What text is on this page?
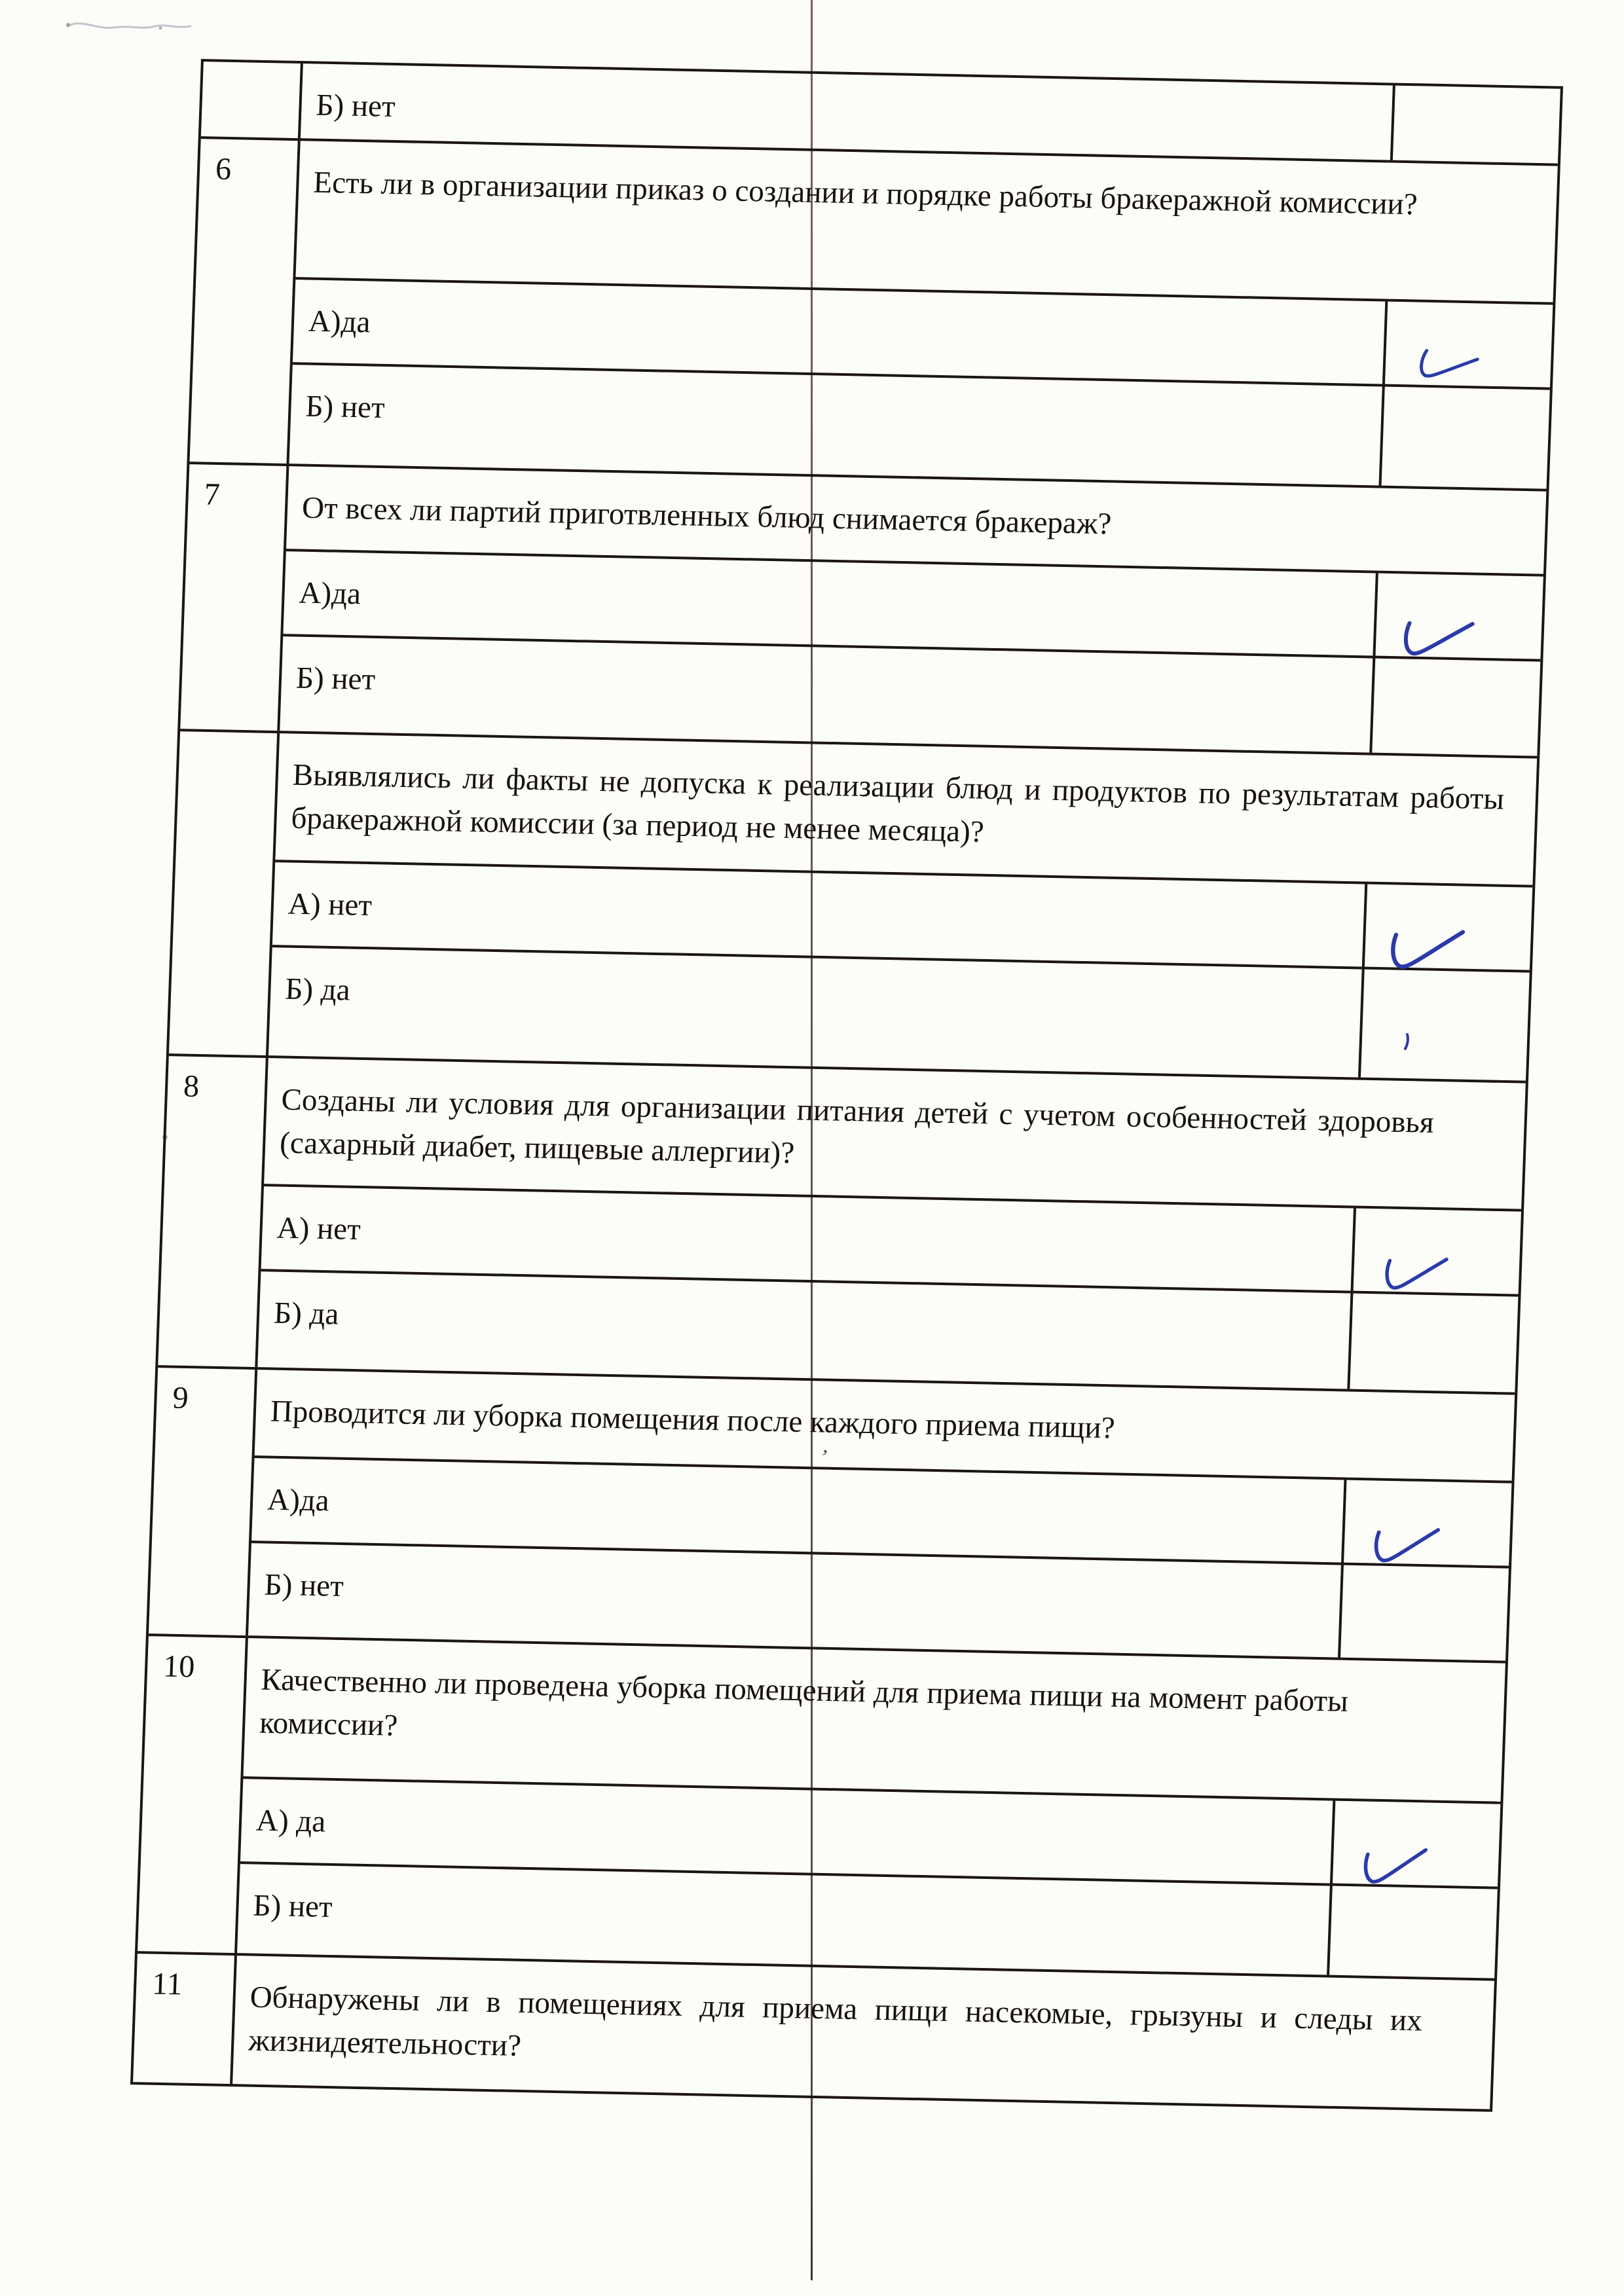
’
Б) нет
6	Есть ли в организации приказ о создании и порядке работы бракеражной комиссии?
А)да
Б) нет
7	От всех ли партий приготвленных блюд снимается бракераж?
А)да
Б) нет
Выявлялись ли факты не допуска к реализации блюд и продуктов по результатам работы бракеражной комиссии (за период не менее месяца)?
А) нет
Б) да
8	Созданы ли условия для организации питания детей с учетом особенностей здоровья (сахарный диабет, пищевые аллергии)?
А) нет
Б) да
9	Проводится ли уборка помещения после каждого приема пищи?
А)да
Б) нет
10	Качественно ли проведена уборка помещений для приема пищи на момент работы комиссии?
А) да
Б) нет
11	Обнаружены ли в помещениях для приема пищи насекомые, грызуны и следы их жизнидеятельности?
